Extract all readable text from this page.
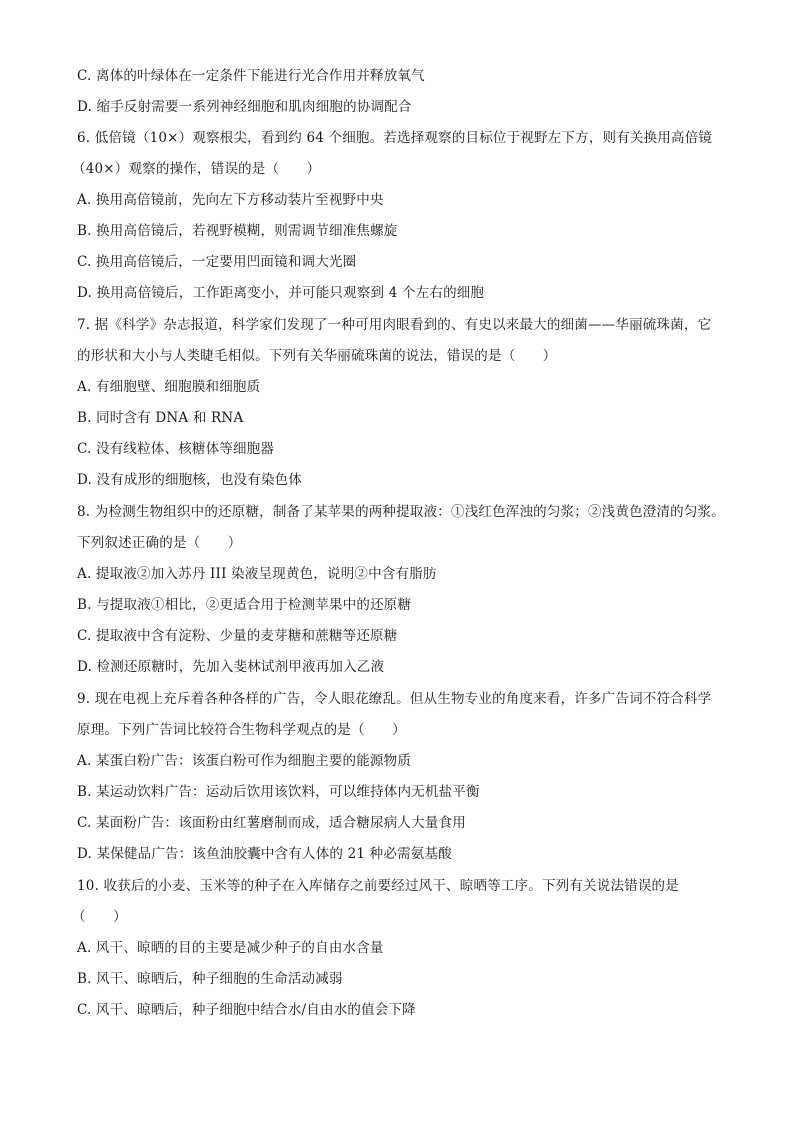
C. 离体的叶绿体在一定条件下能进行光合作用并释放氧气
D. 缩手反射需要一系列神经细胞和肌肉细胞的协调配合
6. 低倍镜（10×）观察根尖，看到约 64 个细胞。若选择观察的目标位于视野左下方，则有关换用高倍镜
（40×）观察的操作，错误的是（　　）
A. 换用高倍镜前，先向左下方移动装片至视野中央
B. 换用高倍镜后，若视野模糊，则需调节细准焦螺旋
C. 换用高倍镜后，一定要用凹面镜和调大光圈
D. 换用高倍镜后，工作距离变小，并可能只观察到 4 个左右的细胞
7. 据《科学》杂志报道，科学家们发现了一种可用肉眼看到的、有史以来最大的细菌——华丽硫珠菌，它
的形状和大小与人类睫毛相似。下列有关华丽硫珠菌的说法，错误的是（　　）
A. 有细胞壁、细胞膜和细胞质
B. 同时含有 DNA 和 RNA
C. 没有线粒体、核糖体等细胞器
D. 没有成形的细胞核，也没有染色体
8. 为检测生物组织中的还原糖，制备了某苹果的两种提取液：①浅红色浑浊的匀浆；②浅黄色澄清的匀浆。
下列叙述正确的是（　　）
A. 提取液②加入苏丹 III 染液呈现黄色，说明②中含有脂肪
B. 与提取液①相比，②更适合用于检测苹果中的还原糖
C. 提取液中含有淀粉、少量的麦芽糖和蔗糖等还原糖
D. 检测还原糖时，先加入斐林试剂甲液再加入乙液
9. 现在电视上充斥着各种各样的广告，令人眼花缭乱。但从生物专业的角度来看，许多广告词不符合科学
原理。下列广告词比较符合生物科学观点的是（　　）
A. 某蛋白粉广告：该蛋白粉可作为细胞主要的能源物质
B. 某运动饮料广告：运动后饮用该饮料，可以维持体内无机盐平衡
C. 某面粉广告：该面粉由红薯磨制而成，适合糖尿病人大量食用
D. 某保健品广告：该鱼油胶囊中含有人体的 21 种必需氨基酸
10. 收获后的小麦、玉米等的种子在入库储存之前要经过风干、晾晒等工序。下列有关说法错误的是
（　　）
A. 风干、晾晒的目的主要是减少种子的自由水含量
B. 风干、晾晒后，种子细胞的生命活动减弱
C. 风干、晾晒后，种子细胞中结合水/自由水的值会下降
